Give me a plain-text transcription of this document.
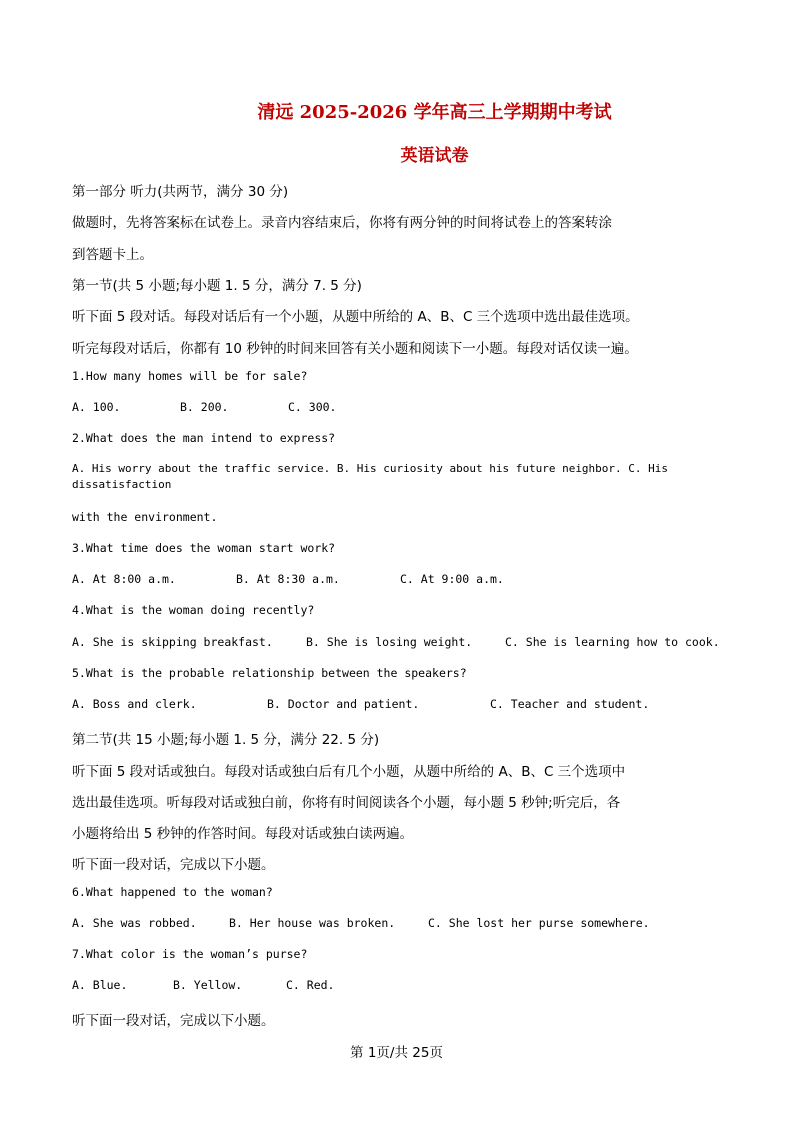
清远 2025-2026 学年高三上学期期中考试
英语试卷
第一部分 听力(共两节，满分 30 分)
做题时，先将答案标在试卷上。录音内容结束后，你将有两分钟的时间将试卷上的答案转涂
到答题卡上。
第一节(共 5 小题;每小题 1. 5 分，满分 7. 5 分)
听下面 5 段对话。每段对话后有一个小题，从题中所给的 A、B、C 三个选项中选出最佳选项。
听完每段对话后，你都有 10 秒钟的时间来回答有关小题和阅读下一小题。每段对话仅读一遍。
1.How many homes will be for sale?
A. 100.	B. 200.	C. 300.
2.What does the man intend to express?
A. His worry about the traffic service. B. His curiosity about his future neighbor. C. His
dissatisfaction
with the environment.
3.What time does the woman start work?
A. At 8:00 a.m.	B. At 8:30 a.m.	C. At 9:00 a.m.
4.What is the woman doing recently?
A. She is skipping breakfast.	B. She is losing weight.	C. She is learning how to cook.
5.What is the probable relationship between the speakers?
A. Boss and clerk.	B. Doctor and patient.	C. Teacher and student.
第二节(共 15 小题;每小题 1. 5 分，满分 22. 5 分)
听下面 5 段对话或独白。每段对话或独白后有几个小题，从题中所给的 A、B、C 三个选项中
选出最佳选项。听每段对话或独白前，你将有时间阅读各个小题，每小题 5 秒钟;听完后，各
小题将给出 5 秒钟的作答时间。每段对话或独白读两遍。
听下面一段对话，完成以下小题。
6.What happened to the woman?
A. She was robbed.	B. Her house was broken.	C. She lost her purse somewhere.
7.What color is the woman’s purse?
A. Blue.	B. Yellow.	C. Red.
听下面一段对话，完成以下小题。
第 1页/共 25页
